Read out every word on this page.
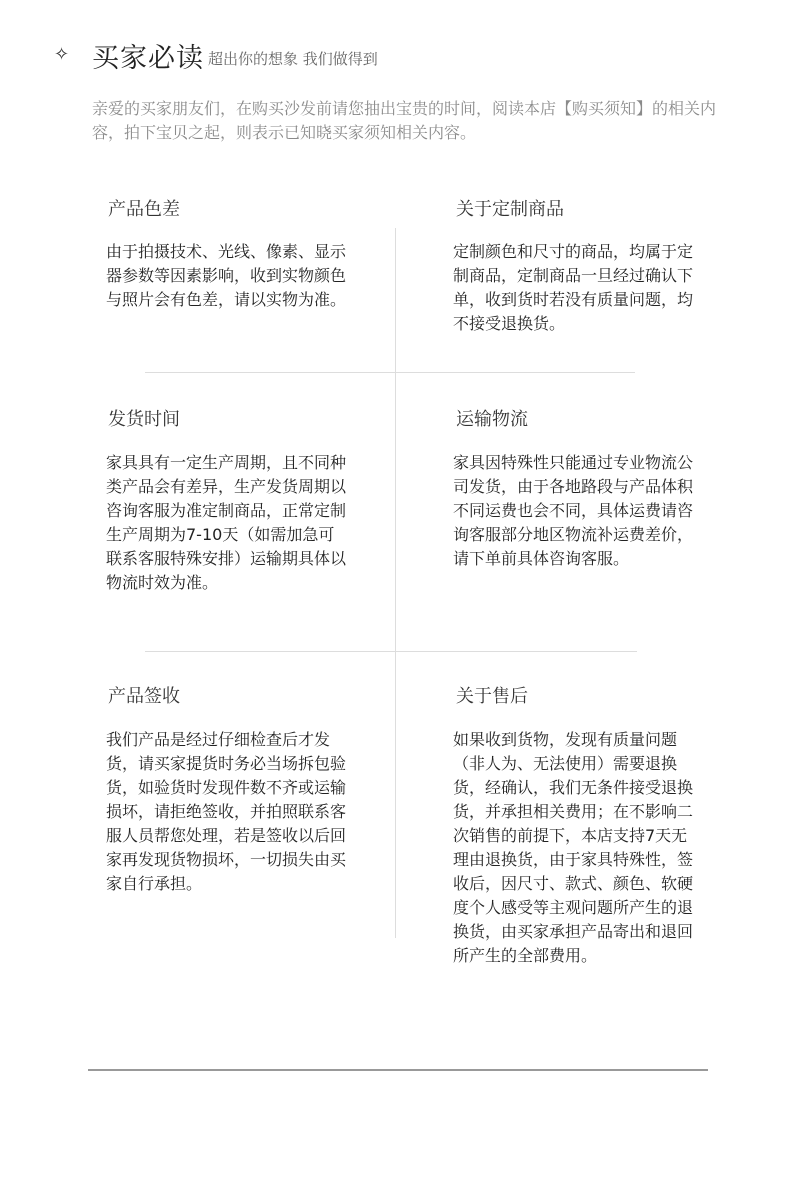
✧ 买家必读 超出你的想象 我们做得到
亲爱的买家朋友们，在购买沙发前请您抽出宝贵的时间，阅读本店【购买须知】的相关内容，拍下宝贝之起，则表示已知晓买家须知相关内容。
产品色差
由于拍摄技术、光线、像素、显示器参数等因素影响，收到实物颜色与照片会有色差，请以实物为准。
关于定制商品
定制颜色和尺寸的商品，均属于定制商品，定制商品一旦经过确认下单，收到货时若没有质量问题，均不接受退换货。
发货时间
家具具有一定生产周期，且不同种类产品会有差异，生产发货周期以咨询客服为准定制商品，正常定制生产周期为7-10天（如需加急可联系客服特殊安排）运输期具体以物流时效为准。
运输物流
家具因特殊性只能通过专业物流公司发货，由于各地路段与产品体积不同运费也会不同，具体运费请咨询客服部分地区物流补运费差价，请下单前具体咨询客服。
产品签收
我们产品是经过仔细检查后才发货，请买家提货时务必当场拆包验货，如验货时发现件数不齐或运输损坏，请拒绝签收，并拍照联系客服人员帮您处理，若是签收以后回家再发现货物损坏，一切损失由买家自行承担。
关于售后
如果收到货物，发现有质量问题（非人为、无法使用）需要退换货，经确认，我们无条件接受退换货，并承担相关费用；在不影响二次销售的前提下，本店支持7天无理由退换货，由于家具特殊性，签收后，因尺寸、款式、颜色、软硬度个人感受等主观问题所产生的退换货，由买家承担产品寄出和退回所产生的全部费用。
